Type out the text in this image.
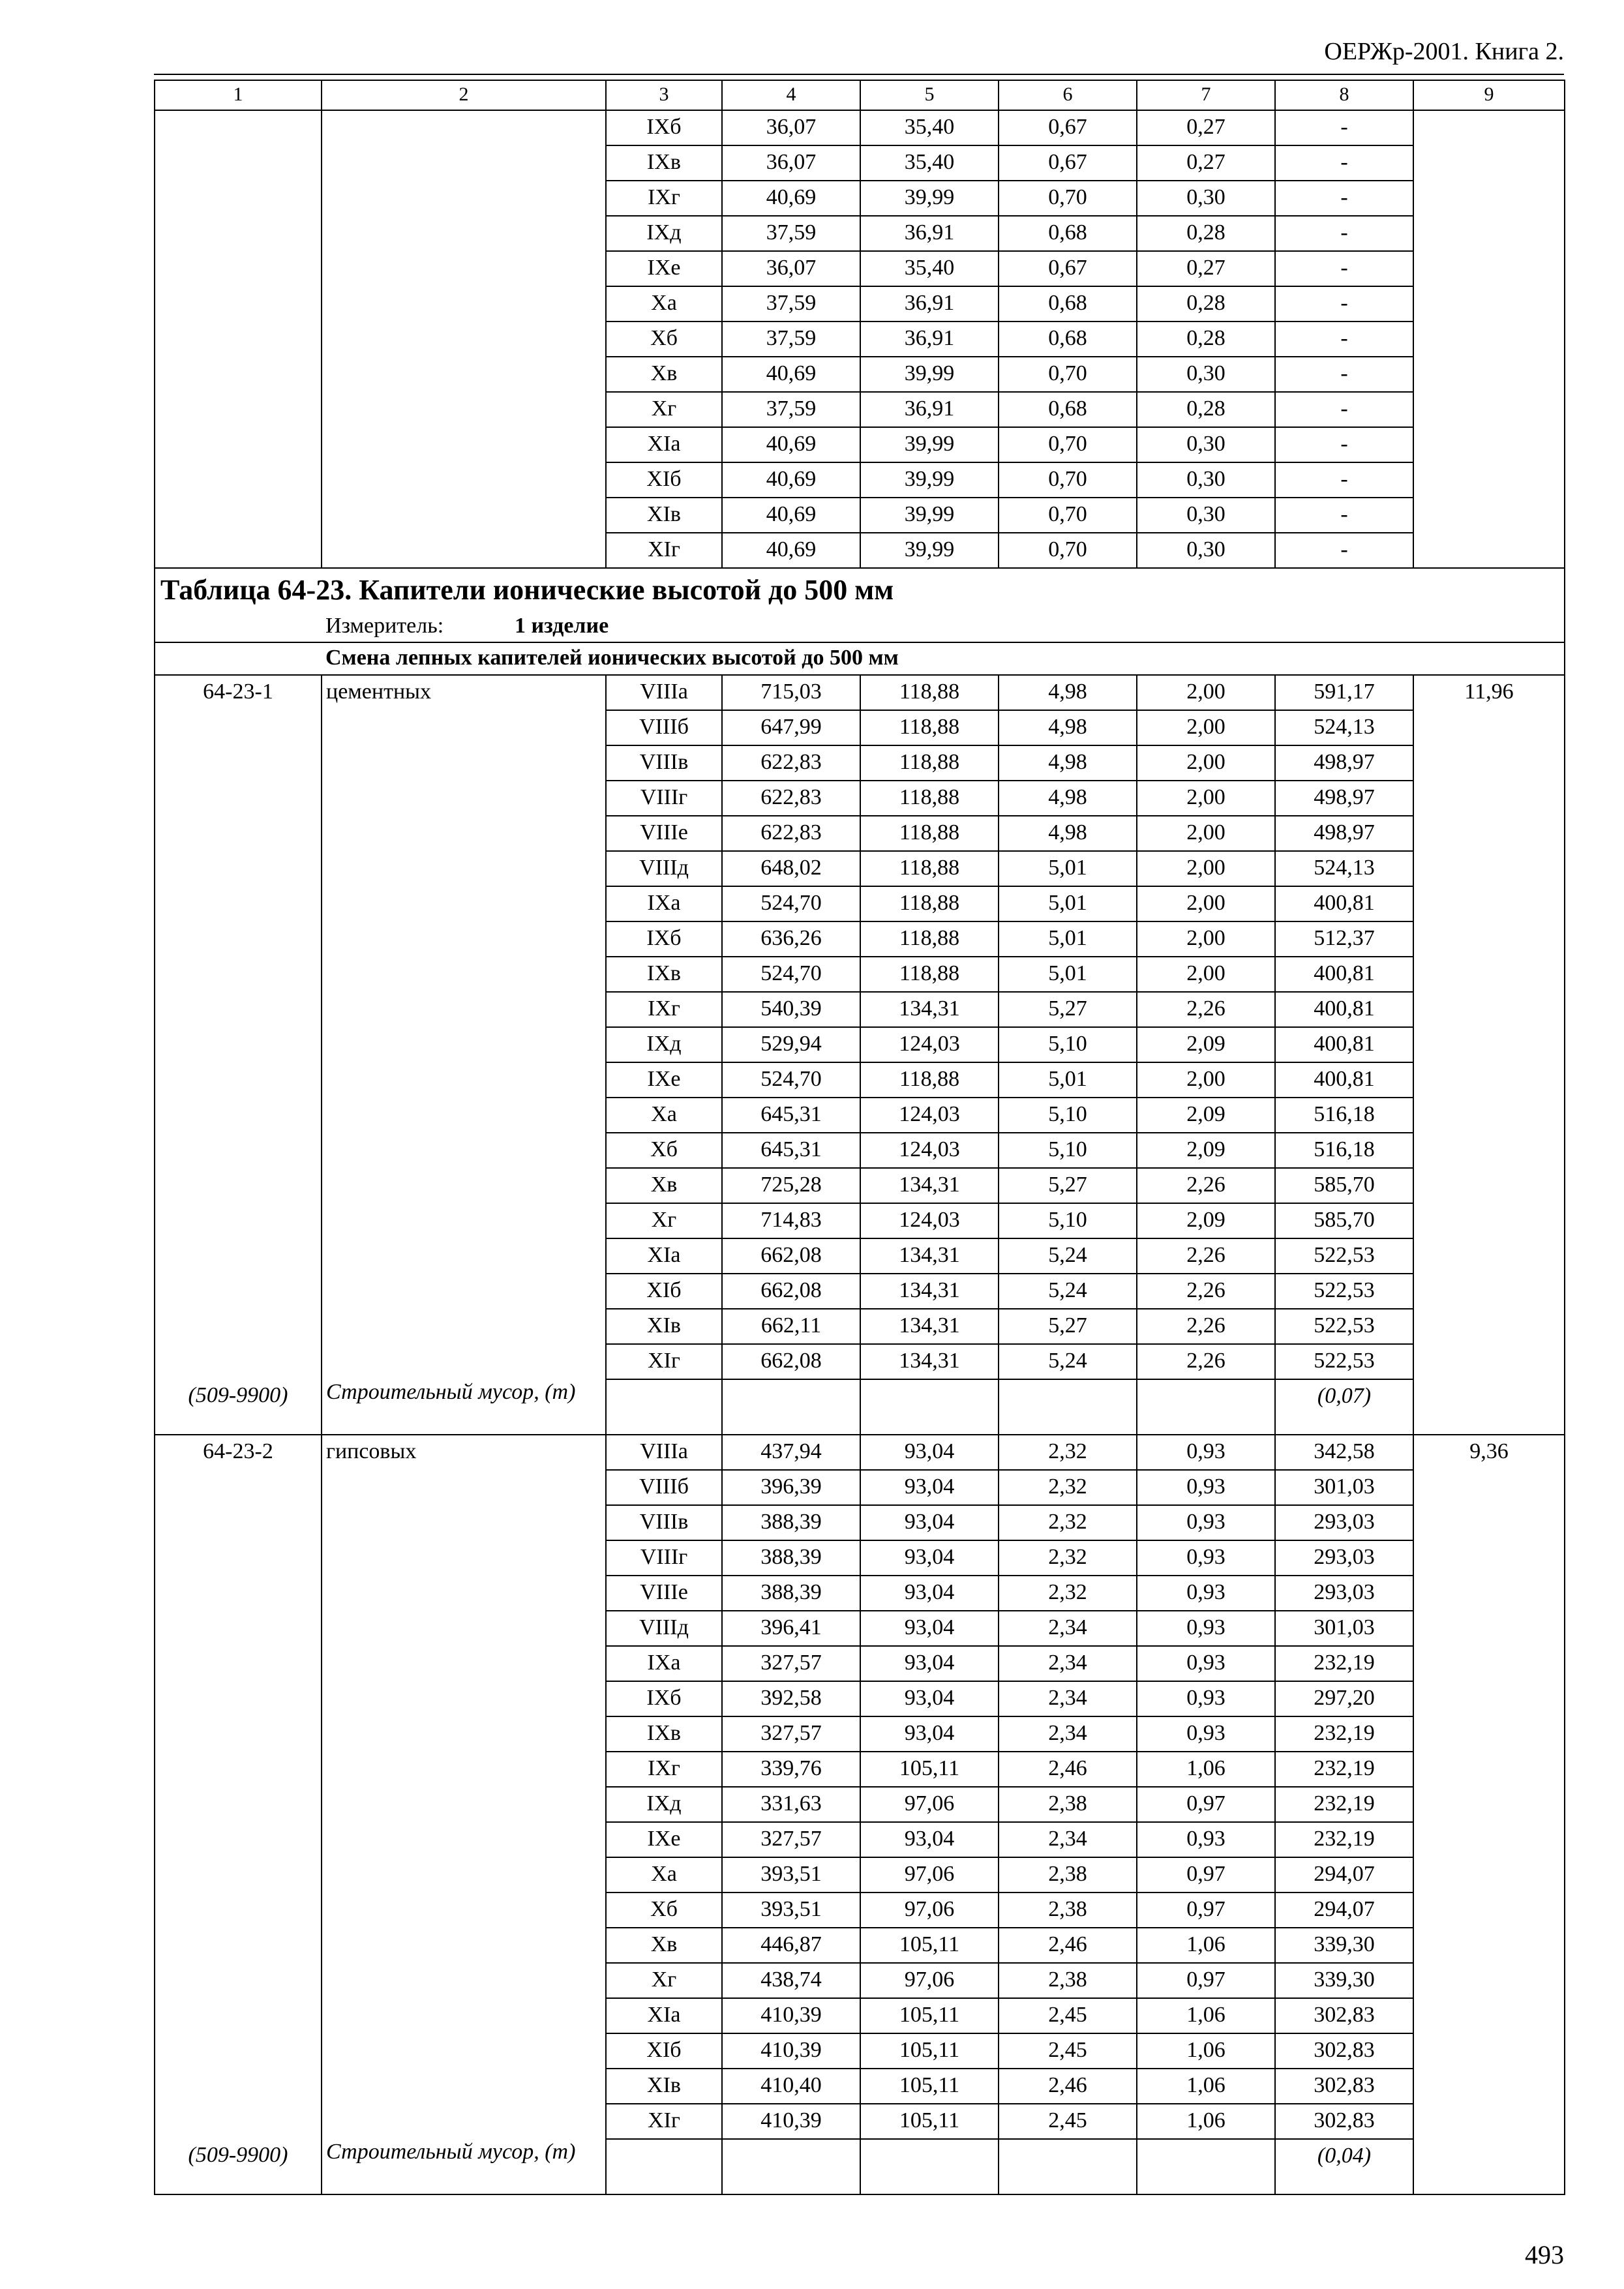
ОЕРЖр-2001. Книга 2.
1	2	3	4	5	6	7	8	9
		IXб	36,07	35,40	0,67	0,27	-	
		IXв	36,07	35,40	0,67	0,27	-	
		IXг	40,69	39,99	0,70	0,30	-	
		IXд	37,59	36,91	0,68	0,28	-	
		IXе	36,07	35,40	0,67	0,27	-	
		Xа	37,59	36,91	0,68	0,28	-	
		Xб	37,59	36,91	0,68	0,28	-	
		Xв	40,69	39,99	0,70	0,30	-	
		Xг	37,59	36,91	0,68	0,28	-	
		XIа	40,69	39,99	0,70	0,30	-	
		XIб	40,69	39,99	0,70	0,30	-	
		XIв	40,69	39,99	0,70	0,30	-	
		XIг	40,69	39,99	0,70	0,30	-	
Таблица 64-23. Капители ионические высотой до 500 мм								
	Измеритель: 1 изделие							
	Смена лепных капителей ионических высотой до 500 мм							
64-23-1	цементных	VIIIа	715,03	118,88	4,98	2,00	591,17	11,96
		VIIIб	647,99	118,88	4,98	2,00	524,13	
		VIIIв	622,83	118,88	4,98	2,00	498,97	
		VIIIг	622,83	118,88	4,98	2,00	498,97	
		VIIIе	622,83	118,88	4,98	2,00	498,97	
		VIIIд	648,02	118,88	5,01	2,00	524,13	
		IXа	524,70	118,88	5,01	2,00	400,81	
		IXб	636,26	118,88	5,01	2,00	512,37	
		IXв	524,70	118,88	5,01	2,00	400,81	
		IXг	540,39	134,31	5,27	2,26	400,81	
		IXд	529,94	124,03	5,10	2,09	400,81	
		IXе	524,70	118,88	5,01	2,00	400,81	
		Xа	645,31	124,03	5,10	2,09	516,18	
		Xб	645,31	124,03	5,10	2,09	516,18	
		Xв	725,28	134,31	5,27	2,26	585,70	
		Xг	714,83	124,03	5,10	2,09	585,70	
		XIа	662,08	134,31	5,24	2,26	522,53	
		XIб	662,08	134,31	5,24	2,26	522,53	
		XIв	662,11	134,31	5,27	2,26	522,53	
		XIг	662,08	134,31	5,24	2,26	522,53	
(509-9900)	Строительный мусор, (т)						(0,07)	
64-23-2	гипсовых	VIIIа	437,94	93,04	2,32	0,93	342,58	9,36
		VIIIб	396,39	93,04	2,32	0,93	301,03	
		VIIIв	388,39	93,04	2,32	0,93	293,03	
		VIIIг	388,39	93,04	2,32	0,93	293,03	
		VIIIе	388,39	93,04	2,32	0,93	293,03	
		VIIIд	396,41	93,04	2,34	0,93	301,03	
		IXа	327,57	93,04	2,34	0,93	232,19	
		IXб	392,58	93,04	2,34	0,93	297,20	
		IXв	327,57	93,04	2,34	0,93	232,19	
		IXг	339,76	105,11	2,46	1,06	232,19	
		IXд	331,63	97,06	2,38	0,97	232,19	
		IXе	327,57	93,04	2,34	0,93	232,19	
		Xа	393,51	97,06	2,38	0,97	294,07	
		Xб	393,51	97,06	2,38	0,97	294,07	
		Xв	446,87	105,11	2,46	1,06	339,30	
		Xг	438,74	97,06	2,38	0,97	339,30	
		XIа	410,39	105,11	2,45	1,06	302,83	
		XIб	410,39	105,11	2,45	1,06	302,83	
		XIв	410,40	105,11	2,46	1,06	302,83	
		XIг	410,39	105,11	2,45	1,06	302,83	
(509-9900)	Строительный мусор, (т)						(0,04)	
493
